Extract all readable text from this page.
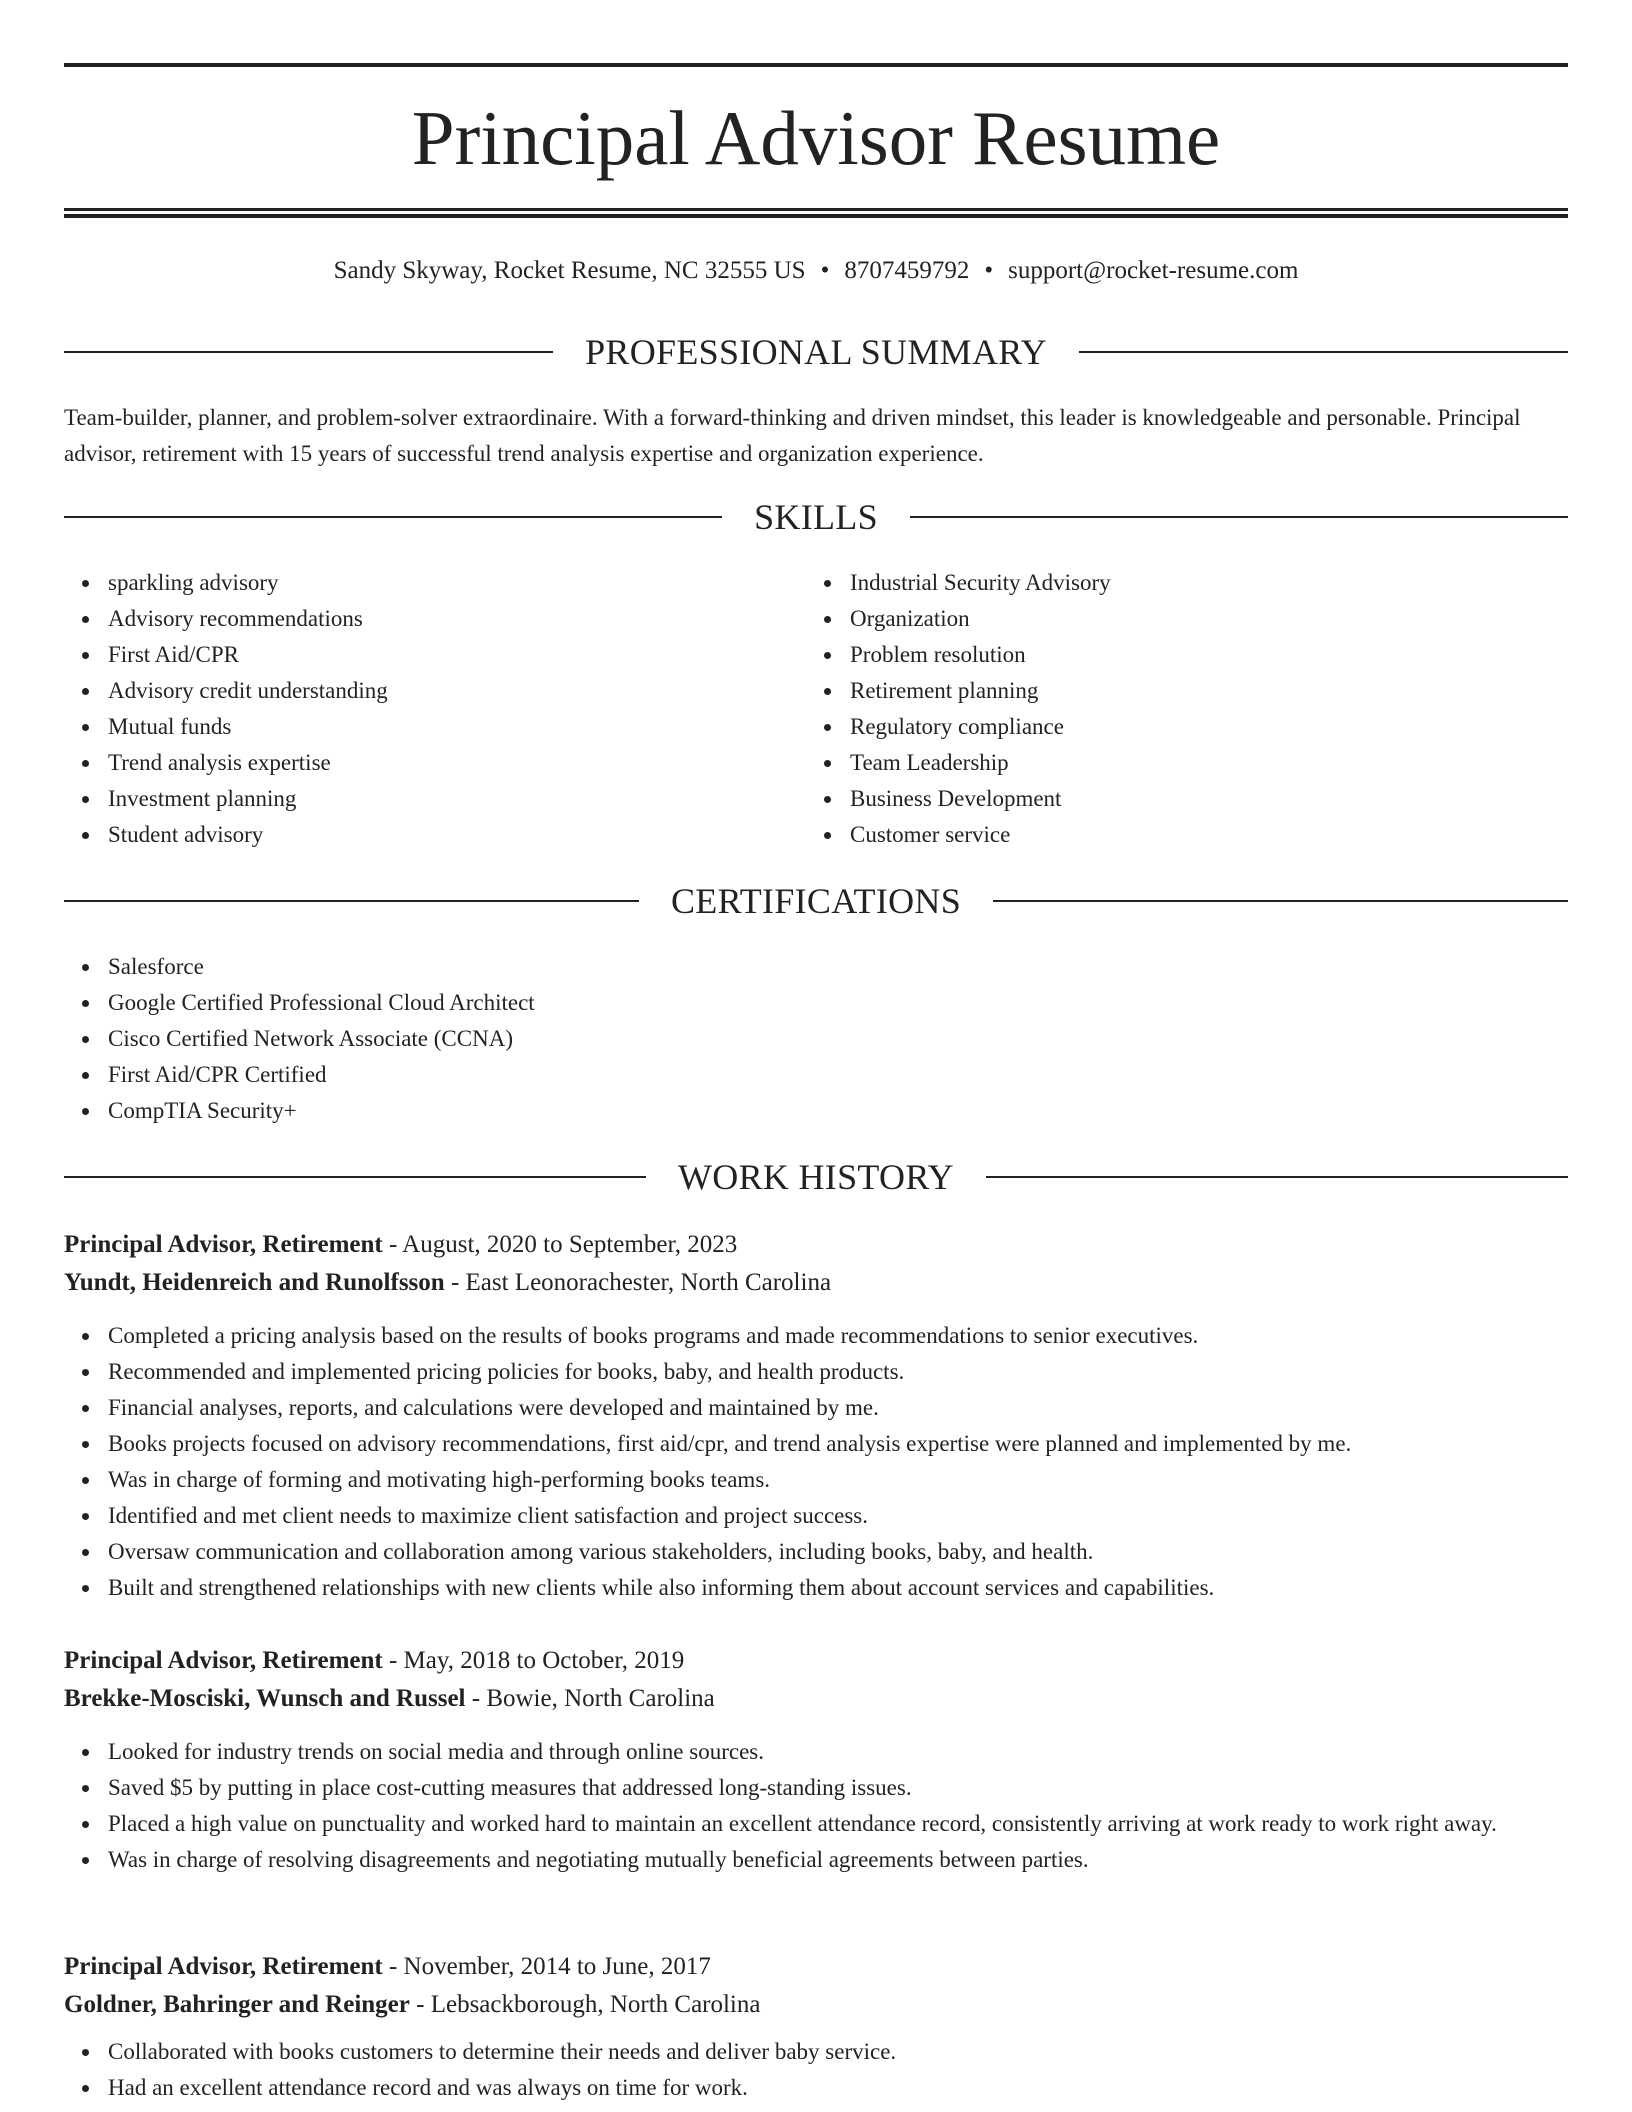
Principal Advisor Resume
Sandy Skyway, Rocket Resume, NC 32555 US • 8707459792 • support@rocket-resume.com
PROFESSIONAL SUMMARY

Team-builder, planner, and problem-solver extraordinaire. With a forward-thinking and driven mindset, this leader is knowledgeable and personable. Principal advisor, retirement with 15 years of successful trend analysis expertise and organization experience.

SKILLS
sparkling advisory
Advisory recommendations
First Aid/CPR
Advisory credit understanding
Mutual funds
Trend analysis expertise
Investment planning
Student advisory
Industrial Security Advisory
Organization
Problem resolution
Retirement planning
Regulatory compliance
Team Leadership
Business Development
Customer service
CERTIFICATIONS
Salesforce
Google Certified Professional Cloud Architect
Cisco Certified Network Associate (CCNA)
First Aid/CPR Certified
CompTIA Security+
WORK HISTORY
Principal Advisor, Retirement - August, 2020 to September, 2023
Yundt, Heidenreich and Runolfsson - East Leonorachester, North Carolina
Completed a pricing analysis based on the results of books programs and made recommendations to senior executives.
Recommended and implemented pricing policies for books, baby, and health products.
Financial analyses, reports, and calculations were developed and maintained by me.
Books projects focused on advisory recommendations, first aid/cpr, and trend analysis expertise were planned and implemented by me.
Was in charge of forming and motivating high-performing books teams.
Identified and met client needs to maximize client satisfaction and project success.
Oversaw communication and collaboration among various stakeholders, including books, baby, and health.
Built and strengthened relationships with new clients while also informing them about account services and capabilities.
Principal Advisor, Retirement - May, 2018 to October, 2019
Brekke-Mosciski, Wunsch and Russel - Bowie, North Carolina
Looked for industry trends on social media and through online sources.
Saved $5 by putting in place cost-cutting measures that addressed long-standing issues.
Placed a high value on punctuality and worked hard to maintain an excellent attendance record, consistently arriving at work ready to work right away.
Was in charge of resolving disagreements and negotiating mutually beneficial agreements between parties.
Principal Advisor, Retirement - November, 2014 to June, 2017
Goldner, Bahringer and Reinger - Lebsackborough, North Carolina
Collaborated with books customers to determine their needs and deliver baby service.
Had an excellent attendance record and was always on time for work.
